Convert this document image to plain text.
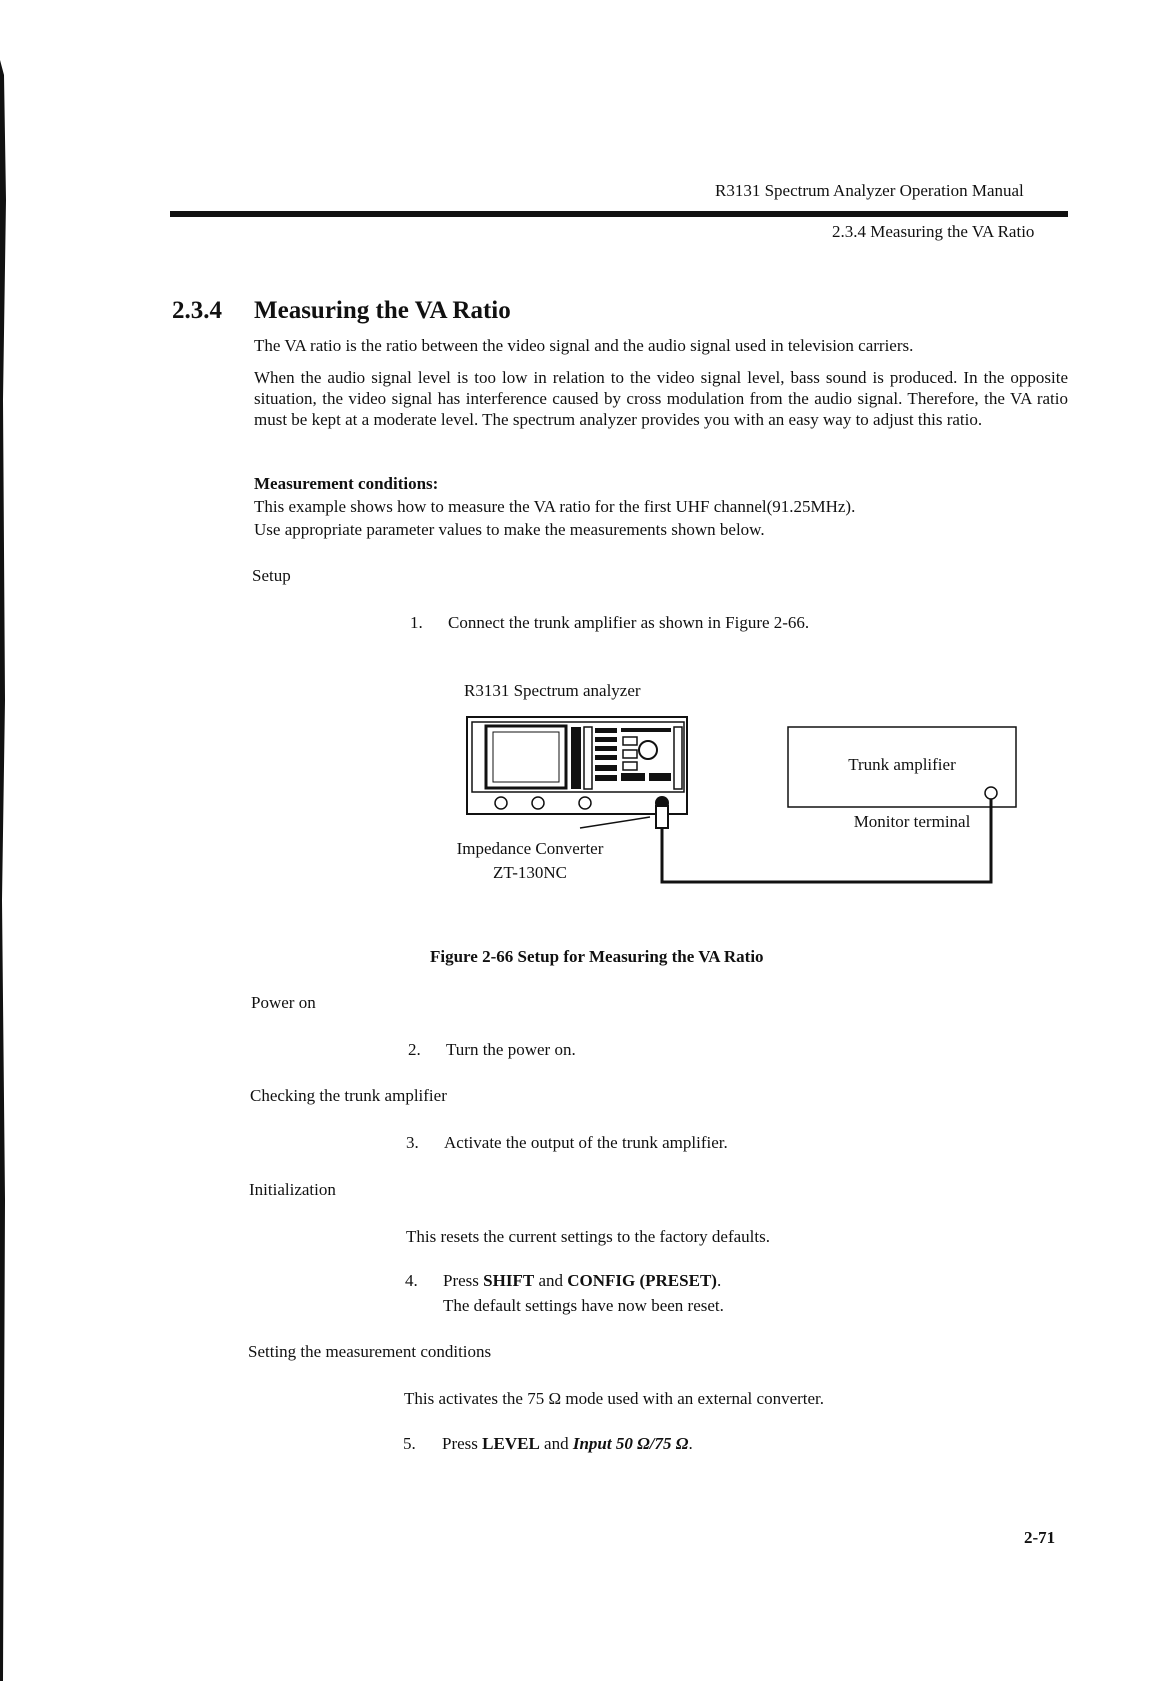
R3131 Spectrum Analyzer Operation Manual
2.3.4 Measuring the VA Ratio
2.3.4 Measuring the VA Ratio
The VA ratio is the ratio between the video signal and the audio signal used in television carriers.
When the audio signal level is too low in relation to the video signal level, bass sound is produced. In the opposite situation, the video signal has interference caused by cross modulation from the audio signal. Therefore, the VA ratio must be kept at a moderate level. The spectrum analyzer provides you with an easy way to adjust this ratio.
Measurement conditions:
This example shows how to measure the VA ratio for the first UHF channel(91.25MHz).
Use appropriate parameter values to make the measurements shown below.
Setup
1. Connect the trunk amplifier as shown in Figure 2-66.
R3131 Spectrum analyzer
Trunk amplifier
Monitor terminal
Impedance Converter
ZT-130NC
Figure 2-66 Setup for Measuring the VA Ratio
Power on
2. Turn the power on.
Checking the trunk amplifier
3. Activate the output of the trunk amplifier.
Initialization
This resets the current settings to the factory defaults.
4. Press SHIFT and CONFIG (PRESET).
The default settings have now been reset.
Setting the measurement conditions
This activates the 75 Ω mode used with an external converter.
5. Press LEVEL and Input 50 Ω/75 Ω.
2-71
